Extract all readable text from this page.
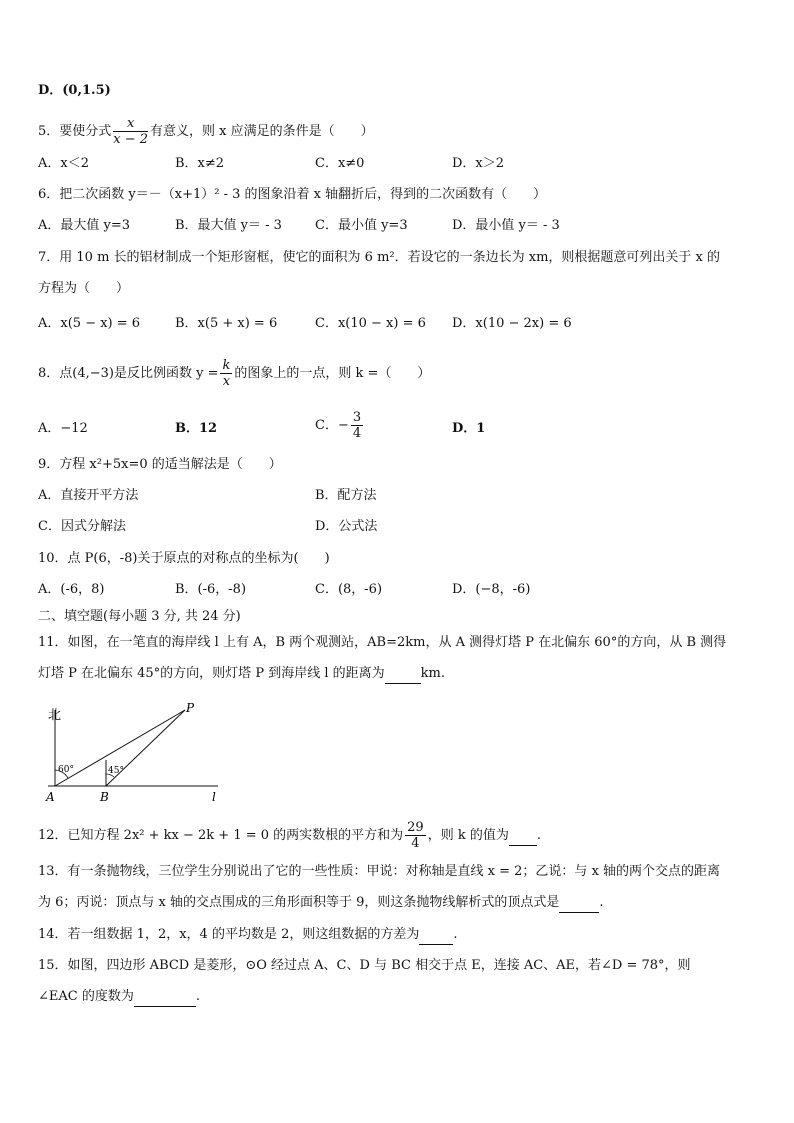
D．(0,1.5)
5．要使分式 $\frac{x}{x - 2}$ 有意义，则 x 应满足的条件是（　　）
A．x＜2	B．x≠2	C．x≠0	D．x＞2
6．把二次函数 y＝－（x+1）² - 3 的图象沿着 x 轴翻折后，得到的二次函数有（　　）
A．最大值 y=3	B．最大值 y＝ - 3	C．最小值 y=3	D．最小值 y＝ - 3
7．用 10 m 长的铝材制成一个矩形窗框，使它的面积为 6 m²．若设它的一条边长为 xm，则根据题意可列出关于 x 的
方程为（　　）
A．x(5 − x) = 6	B．x(5 + x) = 6	C．x(10 − x) = 6 D．x(10 − 2x) = 6
8．点(4,−3)是反比例函数 $y = \frac{k}{x}$ 的图象上的一点，则 k =（　　）
A．−12	B．12	C．− $\frac{3}{4}$	D．1
9．方程 x²+5x=0 的适当解法是（　　）
A．直接开平方法	B．配方法
C．因式分解法	D．公式法
10．点 P(6，-8)关于原点的对称点的坐标为(　　)
A．(-6，8)	B．(-6，-8)	C．(8，-6)	D．(−8，-6)
二、填空题(每小题 3 分, 共 24 分)
11．如图，在一笔直的海岸线 l 上有 A，B 两个观测站，AB=2km，从 A 测得灯塔 P 在北偏东 60°的方向，从 B 测得
灯塔 P 在北偏东 45°的方向，则灯塔 P 到海岸线 l 的距离为	km.
北	P
60°	45°
A	B	l
12．已知方程 2x² + kx − 2k + 1 = 0 的两实数根的平方和为 $\frac{29}{4}$ ，则 k 的值为 .
13．有一条抛物线，三位学生分别说出了它的一些性质：甲说：对称轴是直线 x = 2；乙说：与 x 轴的两个交点的距离
为 6；丙说：顶点与 x 轴的交点围成的三角形面积等于 9，则这条抛物线解析式的顶点式是	.
14．若一组数据 1，2，x，4 的平均数是 2，则这组数据的方差为	.
15．如图，四边形 ABCD 是菱形，⊙O 经过点 A、C、D 与 BC 相交于点 E，连接 AC、AE，若∠D = 78°，则
∠EAC 的度数为	.
